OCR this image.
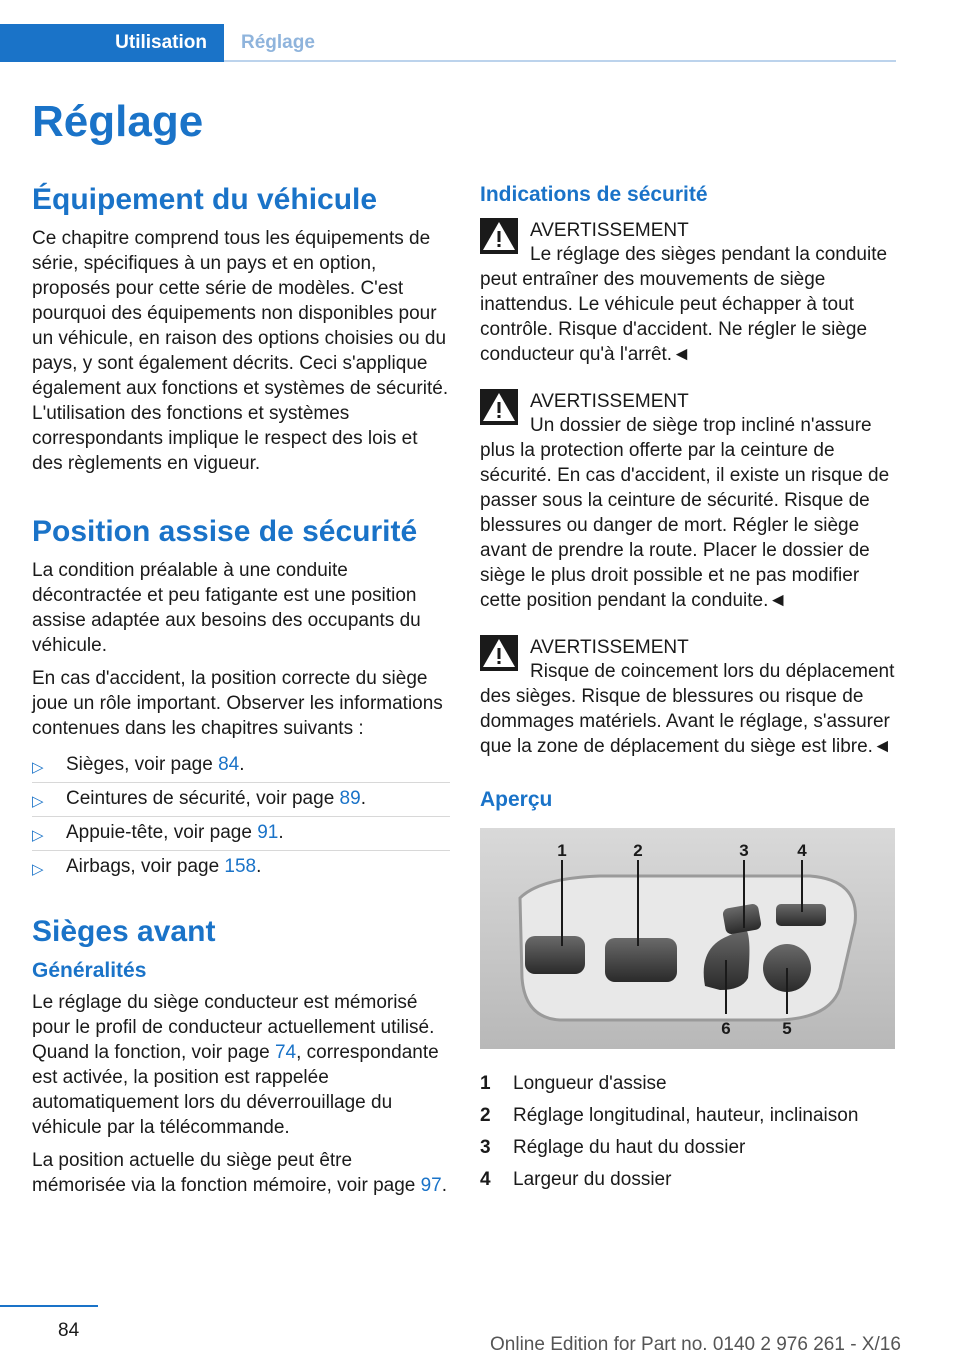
Utilisation	Réglage
Réglage
Équipement du véhicule

Ce chapitre comprend tous les équipements de série, spécifiques à un pays et en option, proposés pour cette série de modèles. C'est pourquoi des équipements non disponibles pour un véhicule, en raison des options choisies ou du pays, y sont également décrits. Ceci s'applique également aux fonctions et systèmes de sécurité. L'utilisation des fonctions et systèmes correspondants implique le respect des lois et des règlements en vigueur.

Position assise de sécurité

La condition préalable à une conduite décontractée et peu fatigante est une position assise adaptée aux besoins des occupants du véhicule.

En cas d'accident, la position correcte du siège joue un rôle important. Observer les informations contenues dans les chapitres suivants :

▷ Sièges, voir page 84.
▷ Ceintures de sécurité, voir page 89.
▷ Appuie-tête, voir page 91.
▷ Airbags, voir page 158.
Sièges avant
Généralités

Le réglage du siège conducteur est mémorisé pour le profil de conducteur actuellement utilisé. Quand la fonction, voir page 74, correspondante est activée, la position est rappelée automatiquement lors du déverrouillage du véhicule par la télécommande.

La position actuelle du siège peut être mémorisée via la fonction mémoire, voir page 97.

Indications de sécurité
AVERTISSEMENT

Le réglage des sièges pendant la conduite peut entraîner des mouvements de siège inattendus. Le véhicule peut échapper à tout contrôle. Risque d'accident. Ne régler le siège conducteur qu'à l'arrêt.◄

AVERTISSEMENT

Un dossier de siège trop incliné n'assure plus la protection offerte par la ceinture de sécurité. En cas d'accident, il existe un risque de passer sous la ceinture de sécurité. Risque de blessures ou danger de mort. Régler le siège avant de prendre la route. Placer le dossier de siège le plus droit possible et ne pas modifier cette position pendant la conduite.◄

AVERTISSEMENT

Risque de coincement lors du déplacement des sièges. Risque de blessures ou risque de dommages matériels. Avant le réglage, s'assurer que la zone de déplacement du siège est libre.◄

Aperçu
1	2	3	4
5
6
1	Longueur d'assise
2	Réglage longitudinal, hauteur, inclinaison
3	Réglage du haut du dossier
4	Largeur du dossier
84
Online Edition for Part no. 0140 2 976 261 - X/16
